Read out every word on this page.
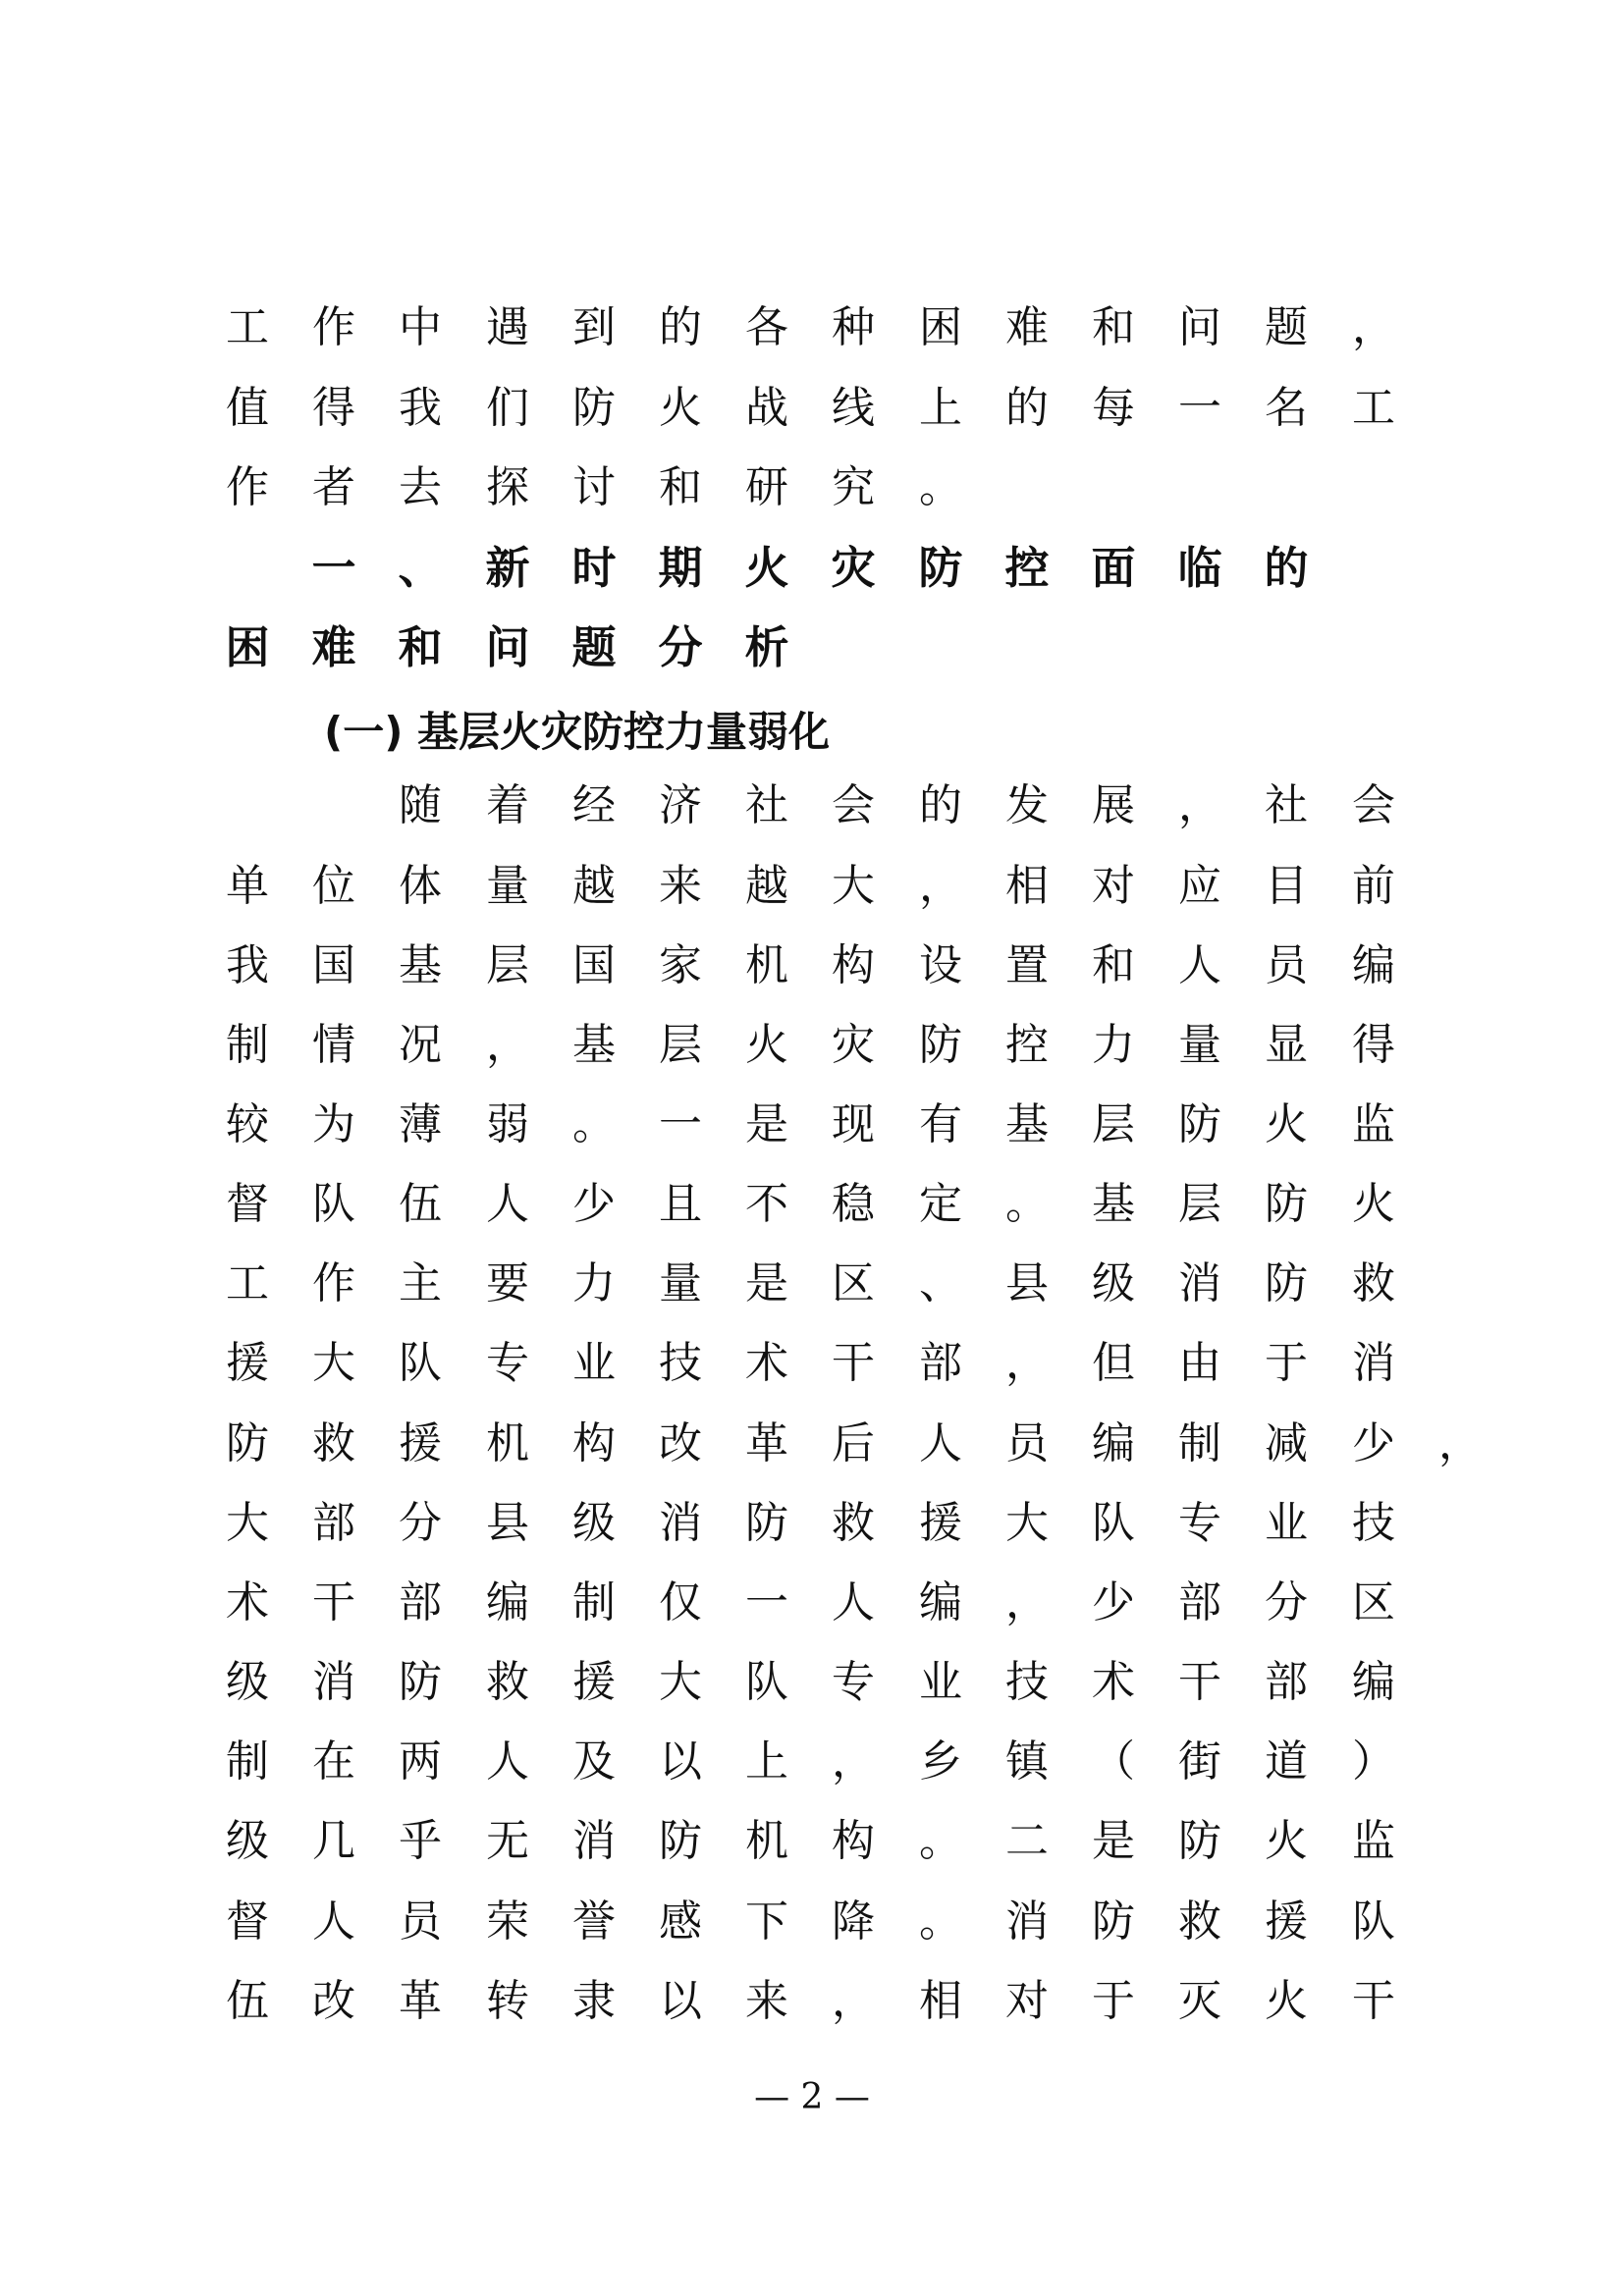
工 作 中 遇 到 的 各 种 困 难 和 问 题 ，
值 得 我 们 防 火 战 线 上 的 每 一 名 工
作 者 去 探 讨 和 研 究 。
一 、 新 时 期 火 灾 防 控 面 临 的
困 难 和 问 题 分 析
(一) 基层火灾防控力量弱化
随 着 经 济 社 会 的 发 展 ， 社 会
单 位 体 量 越 来 越 大 ， 相 对 应 目 前
我 国 基 层 国 家 机 构 设 置 和 人 员 编
制 情 况 ， 基 层 火 灾 防 控 力 量 显 得
较 为 薄 弱 。 一 是 现 有 基 层 防 火 监
督 队 伍 人 少 且 不 稳 定 。 基 层 防 火
工 作 主 要 力 量 是 区 、 县 级 消 防 救
援 大 队 专 业 技 术 干 部 ， 但 由 于 消
防 救 援 机 构 改 革 后 人 员 编 制 减 少 ，
大 部 分 县 级 消 防 救 援 大 队 专 业 技
术 干 部 编 制 仅 一 人 编 ， 少 部 分 区
级 消 防 救 援 大 队 专 业 技 术 干 部 编
制 在 两 人 及 以 上 ， 乡 镇 （ 街 道 ）
级 几 乎 无 消 防 机 构 。 二 是 防 火 监
督 人 员 荣 誉 感 下 降 。 消 防 救 援 队
伍 改 革 转 隶 以 来 ， 相 对 于 灭 火 干
— 2 —
